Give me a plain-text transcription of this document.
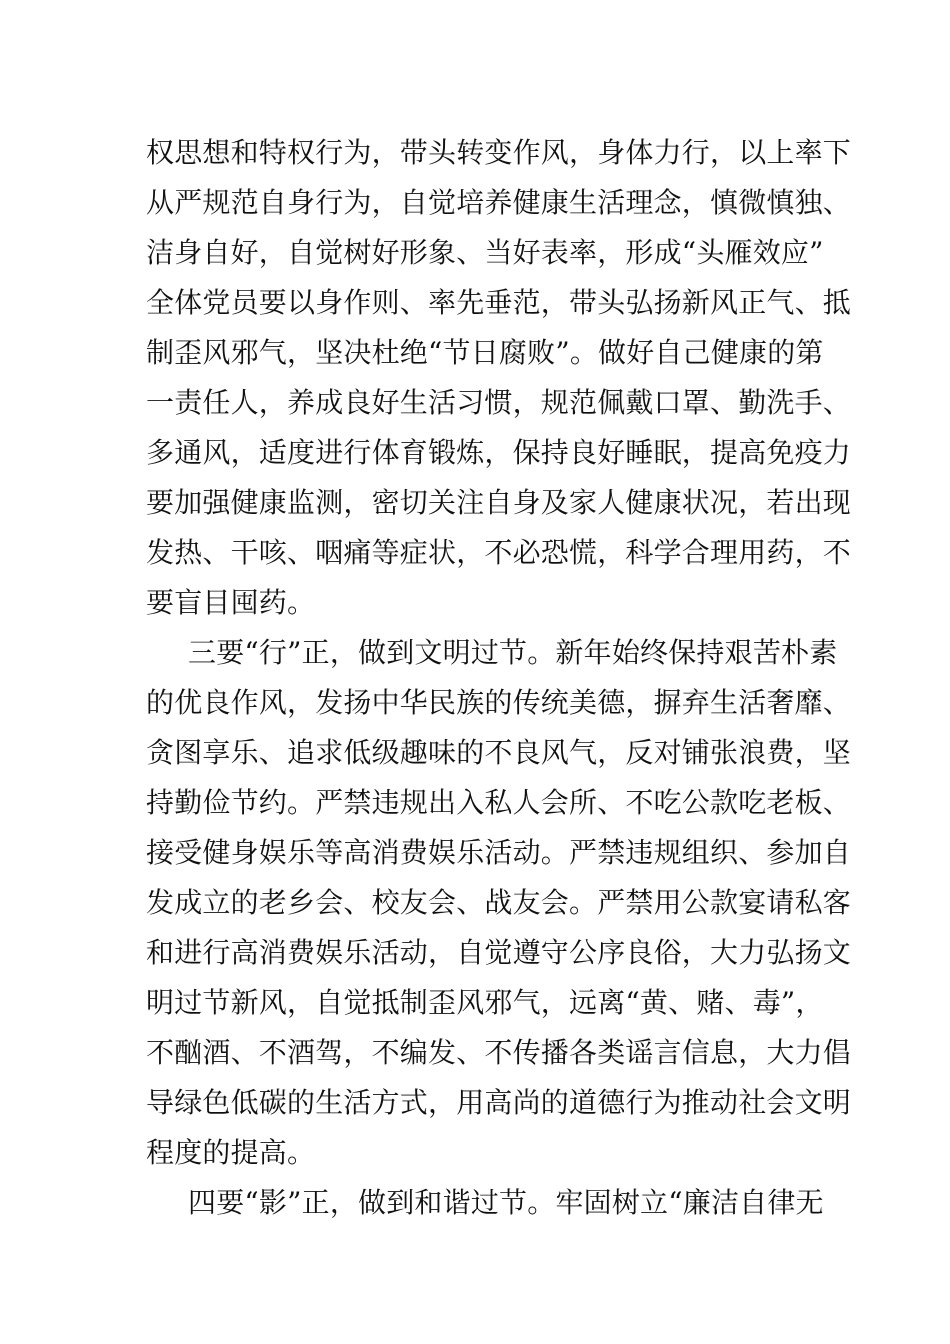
权思想和特权行为，带头转变作风，身体力行，以上率下
从严规范自身行为，自觉培养健康生活理念，慎微慎独、
洁身自好，自觉树好形象、当好表率，形成“头雁效应”
全体党员要以身作则、率先垂范，带头弘扬新风正气、抵
制歪风邪气，坚决杜绝“节日腐败”。做好自己健康的第
一责任人，养成良好生活习惯，规范佩戴口罩、勤洗手、
多通风，适度进行体育锻炼，保持良好睡眠，提高免疫力
要加强健康监测，密切关注自身及家人健康状况，若出现
发热、干咳、咽痛等症状，不必恐慌，科学合理用药，不
要盲目囤药。
三要“行”正，做到文明过节。新年始终保持艰苦朴素
的优良作风，发扬中华民族的传统美德，摒弃生活奢靡、
贪图享乐、追求低级趣味的不良风气，反对铺张浪费，坚
持勤俭节约。严禁违规出入私人会所、不吃公款吃老板、
接受健身娱乐等高消费娱乐活动。严禁违规组织、参加自
发成立的老乡会、校友会、战友会。严禁用公款宴请私客
和进行高消费娱乐活动，自觉遵守公序良俗，大力弘扬文
明过节新风，自觉抵制歪风邪气，远离“黄、赌、毒”，
不酗酒、不酒驾，不编发、不传播各类谣言信息，大力倡
导绿色低碳的生活方式，用高尚的道德行为推动社会文明
程度的提高。
四要“影”正，做到和谐过节。牢固树立“廉洁自律无
